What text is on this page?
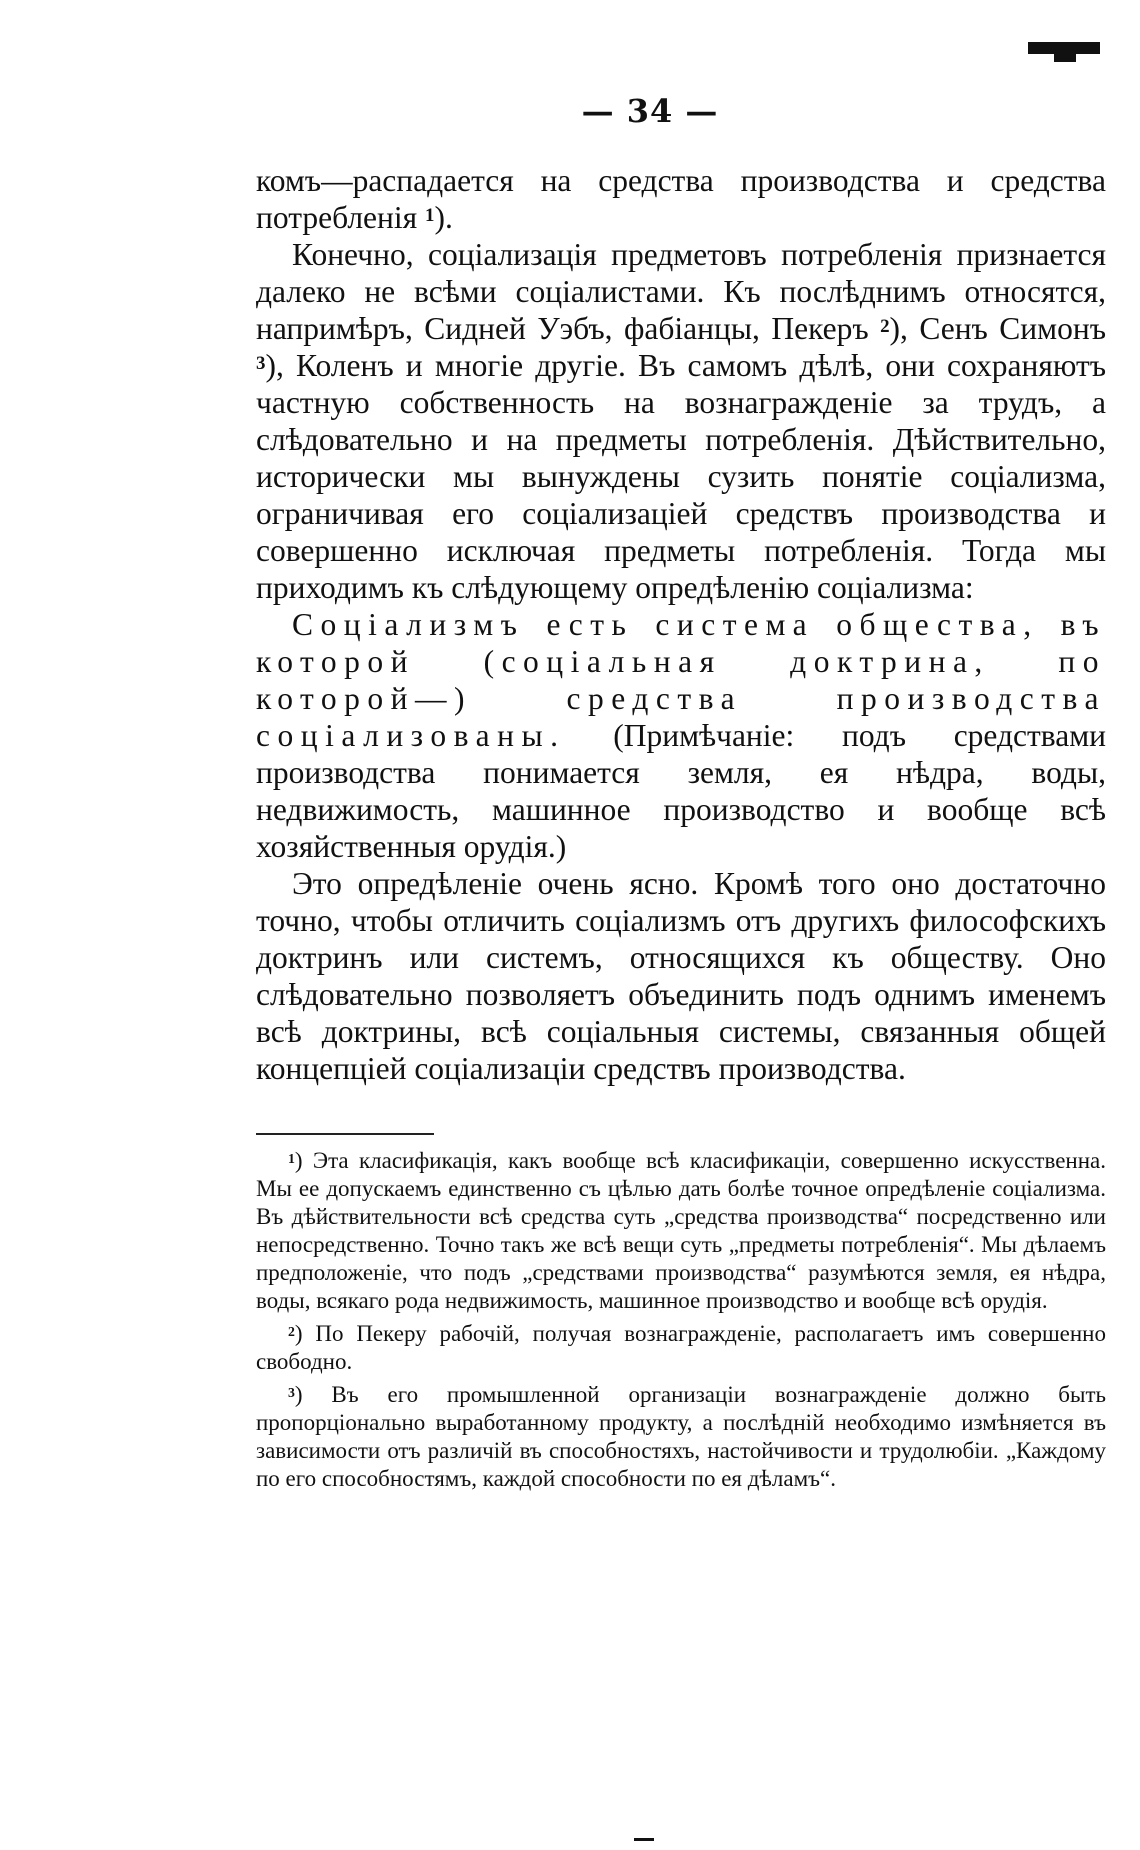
— 34 —

комъ—распадается на средства производства и средства потребленія $^1$).

Конечно, соціализація предметовъ потребленія признается далеко не всѣми соціалистами. Къ послѣднимъ относятся, напримѣръ, Сидней Уэбъ, фабіанцы, Пекеръ $^2$), Сенъ Симонъ $^3$), Коленъ и многіе другіе. Въ самомъ дѣлѣ, они сохраняютъ частную собственность на вознагражденіе за трудъ, а слѣдовательно и на предметы потребленія. Дѣйствительно, исторически мы вынуждены сузить понятіе соціализма, ограничивая его соціализаціей средствъ производства и совершенно исключая предметы потребленія. Тогда мы приходимъ къ слѣдующему опредѣленію соціализма:

Соціализмъ есть система общества, въ которой (соціальная доктрина, по которой—) средства производства соціализованы. (Примѣчаніе: подъ средствами производства понимается земля, ея нѣдра, воды, недвижимость, машинное производство и вообще всѣ хозяйственныя орудія.)

Это опредѣленіе очень ясно. Кромѣ того оно достаточно точно, чтобы отличить соціализмъ отъ другихъ философскихъ доктринъ или системъ, относящихся къ обществу. Оно слѣдовательно позволяетъ объединить подъ однимъ именемъ всѣ доктрины, всѣ соціальныя системы, связанныя общей концепціей соціализаціи средствъ производства.

$^1$) Эта класификація, какъ вообще всѣ класификаціи, совершенно искусственна. Мы ее допускаемъ единственно съ цѣлью дать болѣе точное опредѣленіе соціализма. Въ дѣйствительности всѣ средства суть „средства производства“ посредственно или непосредственно. Точно такъ же всѣ вещи суть „предметы потребленія“. Мы дѣлаемъ предположеніе, что подъ „средствами производства“ разумѣются земля, ея нѣдра, воды, всякаго рода недвижимость, машинное производство и вообще всѣ орудія.

$^2$) По Пекеру рабочій, получая вознагражденіе, располагаетъ имъ совершенно свободно.

$^3$) Въ его промышленной организаціи вознагражденіе должно быть пропорціонально выработанному продукту, а послѣдній необходимо измѣняется въ зависимости отъ различій въ способностяхъ, настойчивости и трудолюбіи. „Каждому по его способностямъ, каждой способности по ея дѣламъ“.
